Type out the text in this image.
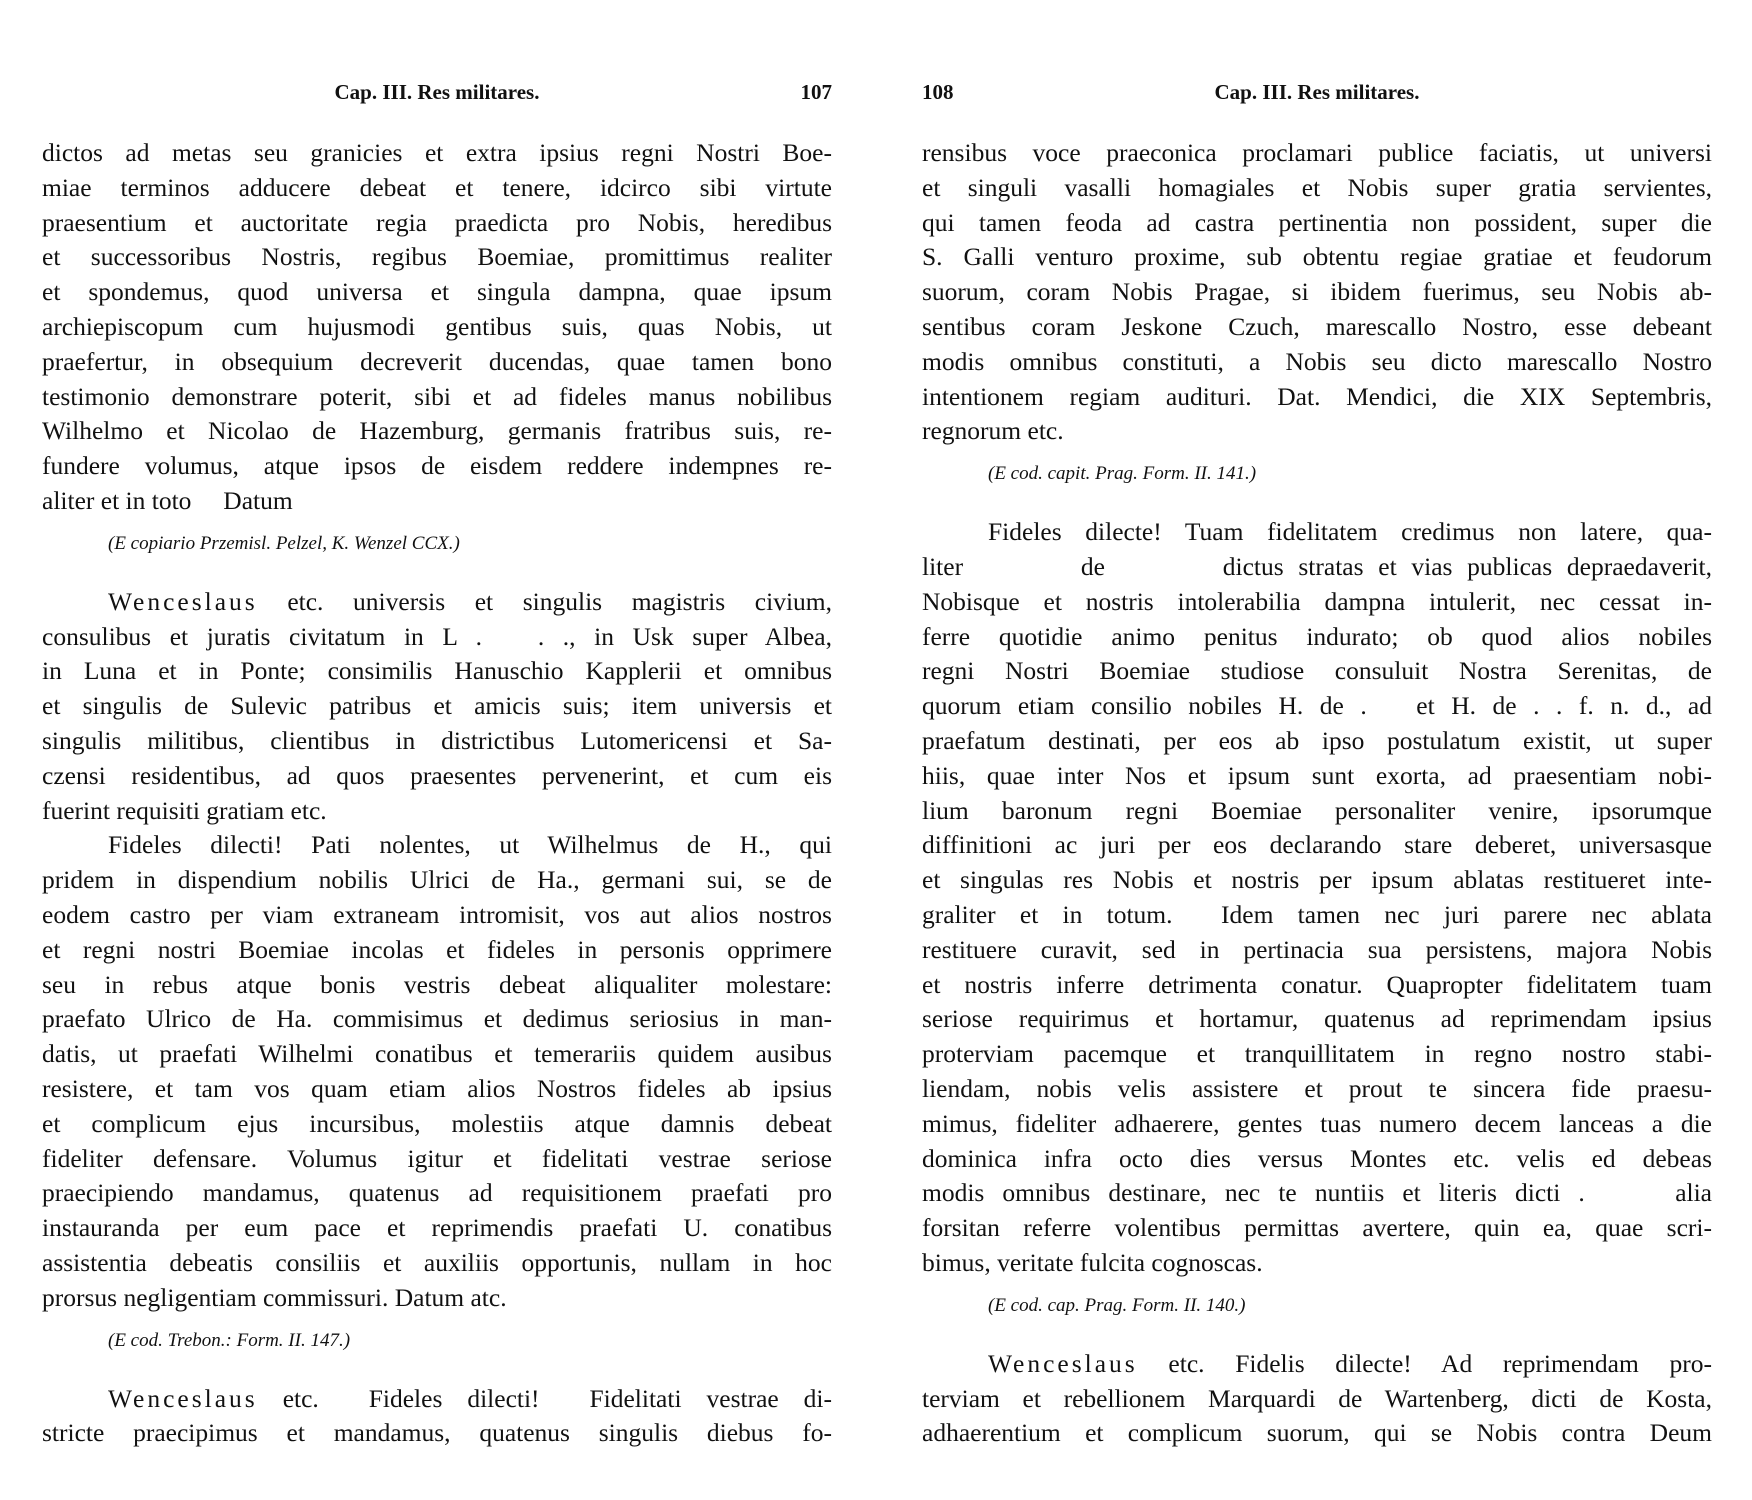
Cap. III. Res militares.	107
dictos ad metas seu granicies et extra ipsius regni Nostri Boe-
miae terminos adducere debeat et tenere, idcirco sibi virtute
praesentium et auctoritate regia praedicta pro Nobis, heredibus
et successoribus Nostris, regibus Boemiae, promittimus realiter
et spondemus, quod universa et singula dampna, quae ipsum
archiepiscopum cum hujusmodi gentibus suis, quas Nobis, ut
praefertur, in obsequium decreverit ducendas, quae tamen bono
testimonio demonstrare poterit, sibi et ad fideles manus nobilibus
Wilhelmo et Nicolao de Hazemburg, germanis fratribus suis, re-
fundere volumus, atque ipsos de eisdem reddere indempnes re-
aliter et in toto     Datum
(E copiario Przemisl. Pelzel, K. Wenzel CCX.)
Wenceslaus etc. universis et singulis magistris civium,
consulibus et juratis civitatum in L .   . ., in Usk super Albea,
in Luna et in Ponte; consimilis Hanuschio Kapplerii et omnibus
et singulis de Sulevic patribus et amicis suis; item universis et
singulis militibus, clientibus in districtibus Lutomericensi et Sa-
czensi residentibus, ad quos praesentes pervenerint, et cum eis
fuerint requisiti gratiam etc.
Fideles dilecti! Pati nolentes, ut Wilhelmus de H., qui
pridem in dispendium nobilis Ulrici de Ha., germani sui, se de
eodem castro per viam extraneam intromisit, vos aut alios nostros
et regni nostri Boemiae incolas et fideles in personis opprimere
seu in rebus atque bonis vestris debeat aliqualiter molestare:
praefato Ulrico de Ha. commisimus et dedimus seriosius in man-
datis, ut praefati Wilhelmi conatibus et temerariis quidem ausibus
resistere, et tam vos quam etiam alios Nostros fideles ab ipsius
et complicum ejus incursibus, molestiis atque damnis debeat
fideliter defensare. Volumus igitur et fidelitati vestrae seriose
praecipiendo mandamus, quatenus ad requisitionem praefati pro
instauranda per eum pace et reprimendis praefati U. conatibus
assistentia debeatis consiliis et auxiliis opportunis, nullam in hoc
prorsus negligentiam commissuri. Datum atc.
(E cod. Trebon.: Form. II. 147.)
Wenceslaus etc.  Fideles dilecti!  Fidelitati vestrae di-
stricte praecipimus et mandamus, quatenus singulis diebus fo-
108	Cap. III. Res militares.
rensibus voce praeconica proclamari publice faciatis, ut universi
et singuli vasalli homagiales et Nobis super gratia servientes,
qui tamen feoda ad castra pertinentia non possident, super die
S. Galli venturo proxime, sub obtentu regiae gratiae et feudorum
suorum, coram Nobis Pragae, si ibidem fuerimus, seu Nobis ab-
sentibus coram Jeskone Czuch, marescallo Nostro, esse debeant
modis omnibus constituti, a Nobis seu dicto marescallo Nostro
intentionem regiam audituri. Dat. Mendici, die XIX Septembris,
regnorum etc.
(E cod. capit. Prag. Form. II. 141.)
Fideles dilecte! Tuam fidelitatem credimus non latere, qua-
liter        de        dictus stratas et vias publicas depraedaverit,
Nobisque et nostris intolerabilia dampna intulerit, nec cessat in-
ferre quotidie animo penitus indurato; ob quod alios nobiles
regni Nostri Boemiae studiose consuluit Nostra Serenitas, de
quorum etiam consilio nobiles H. de .   et H. de . . f. n. d., ad
praefatum destinati, per eos ab ipso postulatum existit, ut super
hiis, quae inter Nos et ipsum sunt exorta, ad praesentiam nobi-
lium baronum regni Boemiae personaliter venire, ipsorumque
diffinitioni ac juri per eos declarando stare deberet, universasque
et singulas res Nobis et nostris per ipsum ablatas restitueret inte-
graliter et in totum.  Idem tamen nec juri parere nec ablata
restituere curavit, sed in pertinacia sua persistens, majora Nobis
et nostris inferre detrimenta conatur. Quapropter fidelitatem tuam
seriose requirimus et hortamur, quatenus ad reprimendam ipsius
proterviam pacemque et tranquillitatem in regno nostro stabi-
liendam, nobis velis assistere et prout te sincera fide praesu-
mimus, fideliter adhaerere, gentes tuas numero decem lanceas a die
dominica infra octo dies versus Montes etc. velis ed debeas
modis omnibus destinare, nec te nuntiis et literis dicti .     alia
forsitan referre volentibus permittas avertere, quin ea, quae scri-
bimus, veritate fulcita cognoscas.
(E cod. cap. Prag. Form. II. 140.)
Wenceslaus etc. Fidelis dilecte! Ad reprimendam pro-
terviam et rebellionem Marquardi de Wartenberg, dicti de Kosta,
adhaerentium et complicum suorum, qui se Nobis contra Deum
